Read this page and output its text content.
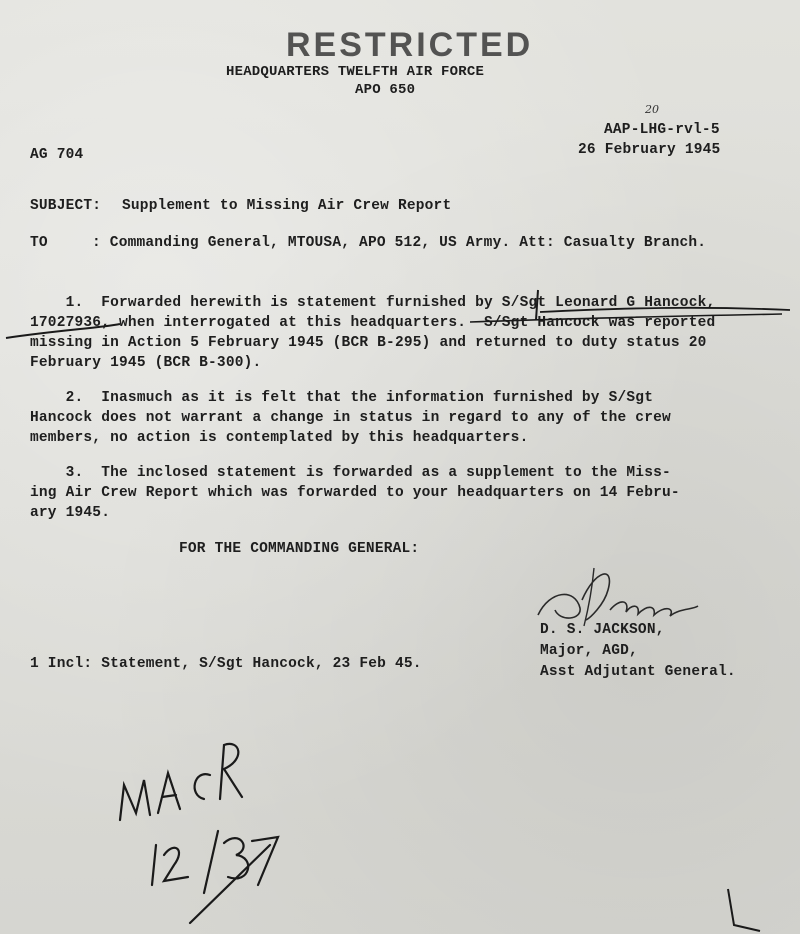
RESTRICTED
HEADQUARTERS TWELFTH AIR FORCE
APO 650
20
AAP-LHG-rvl-5
26 February 1945
AG 704
SUBJECT: Supplement to Missing Air Crew Report
TO	: Commanding General, MTOUSA, APO 512, US Army. Att: Casualty Branch.
1.  Forwarded herewith is statement furnished by S/Sgt Leonard G Hancock,
17027936, when interrogated at this headquarters.  S/Sgt Hancock was reported
missing in Action 5 February 1945 (BCR B-295) and returned to duty status 20
February 1945 (BCR B-300).
2.  Inasmuch as it is felt that the information furnished by S/Sgt
Hancock does not warrant a change in status in regard to any of the crew
members, no action is contemplated by this headquarters.
3.  The inclosed statement is forwarded as a supplement to the Miss-
ing Air Crew Report which was forwarded to your headquarters on 14 Febru-
ary 1945.
FOR THE COMMANDING GENERAL:
D. S. JACKSON,
Major, AGD,
Asst Adjutant General.
1 Incl: Statement, S/Sgt Hancock, 23 Feb 45.
